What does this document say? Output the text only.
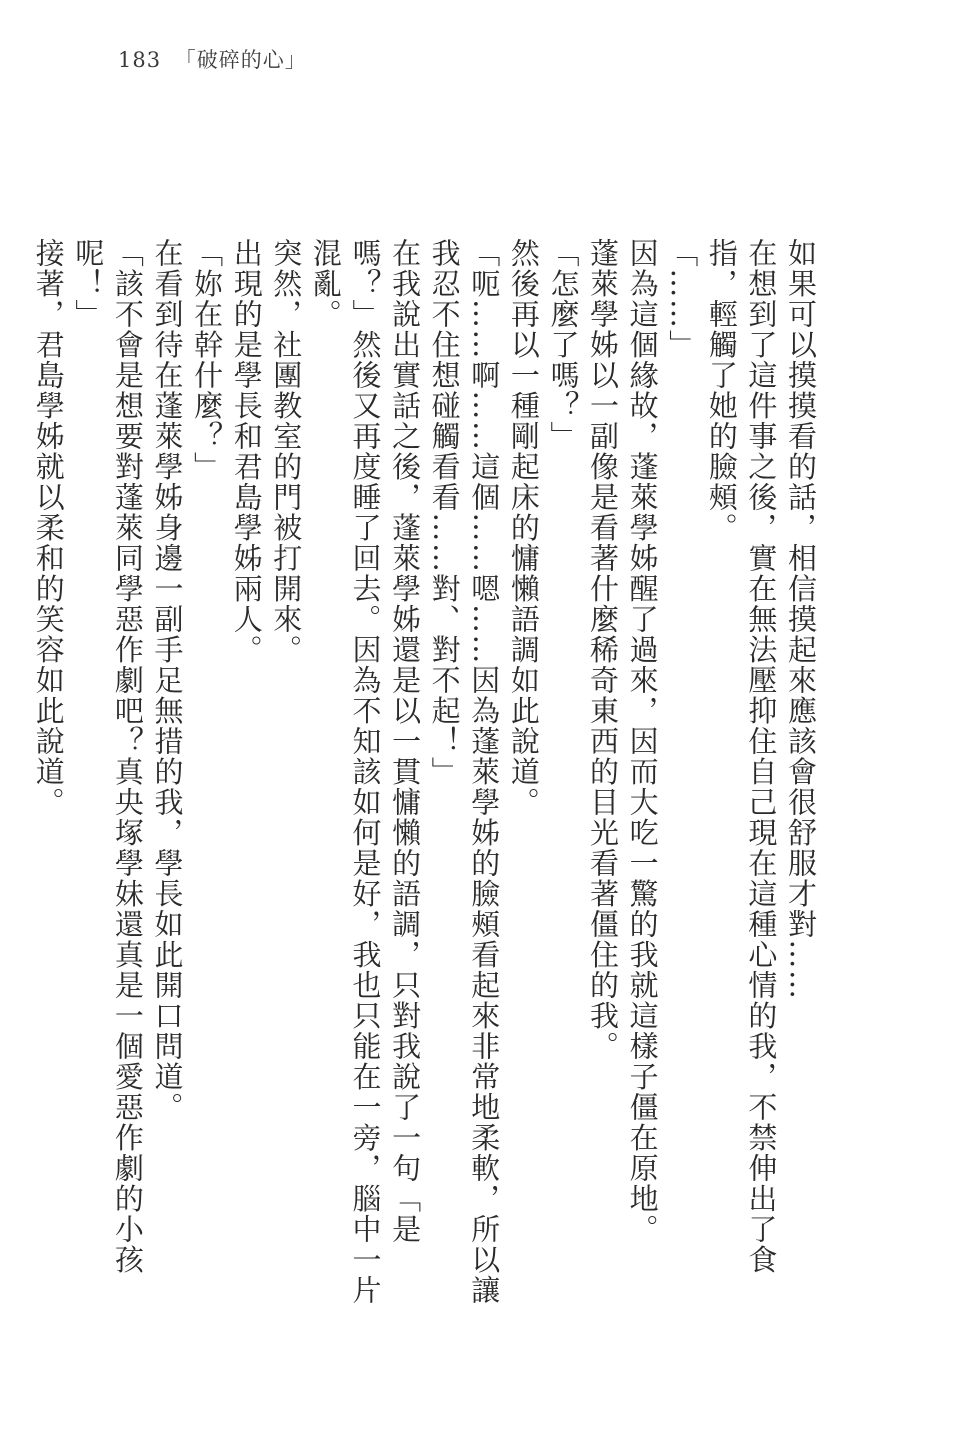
183 「破碎的心」

如果可以摸摸看的話，相信摸起來應該會很舒服才對……

在想到了這件事之後，實在無法壓抑住自己現在這種心情的我，不禁伸出了食指，輕觸了她的臉頰。

「……」

因為這個緣故，蓬萊學姊醒了過來，因而大吃一驚的我就這樣子僵在原地。

蓬萊學姊以一副像是看著什麼稀奇東西的目光看著僵住的我。

「怎麼了嗎？」

然後再以一種剛起床的慵懶語調如此說道。

「呃……啊……這個……嗯……因為蓬萊學姊的臉頰看起來非常地柔軟，所以讓我忍不住想碰觸看看……對、對不起！」

在我說出實話之後，蓬萊學姊還是以一貫慵懶的語調，只對我說了一句「是嗎？」然後又再度睡了回去。因為不知該如何是好，我也只能在一旁，腦中一片混亂。

突然，社團教室的門被打開來。

出現的是學長和君島學姊兩人。

「妳在幹什麼？」

在看到待在蓬萊學姊身邊一副手足無措的我，學長如此開口問道。

「該不會是想要對蓬萊同學惡作劇吧？真央塚學妹還真是一個愛惡作劇的小孩呢！」

接著，君島學姊就以柔和的笑容如此說道。
